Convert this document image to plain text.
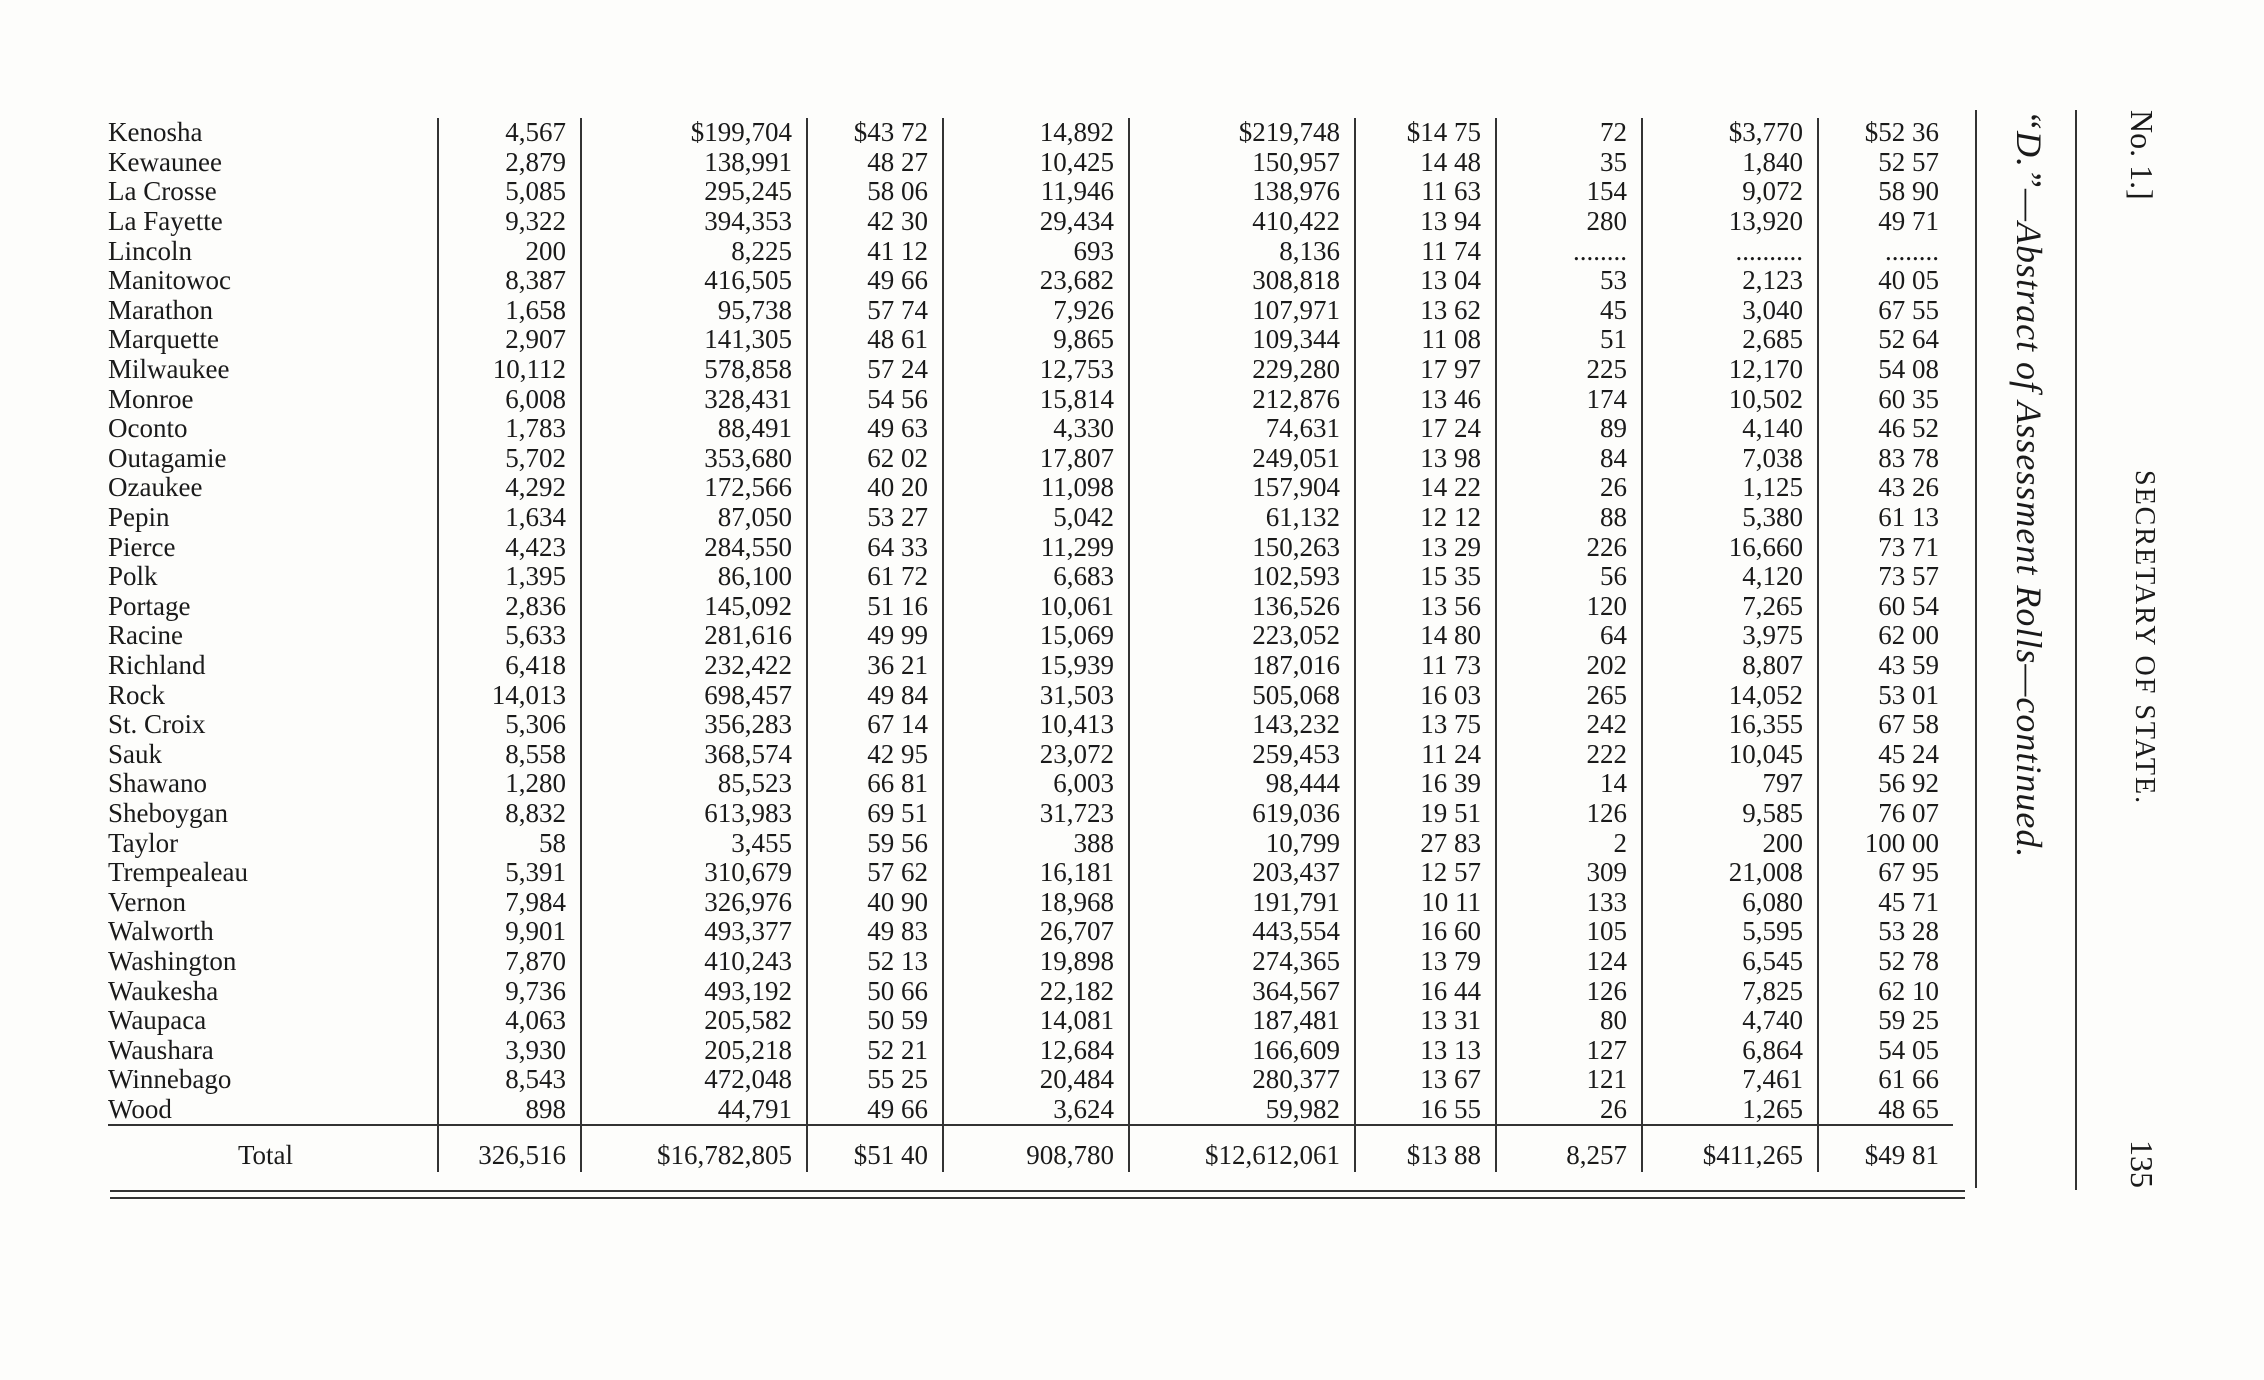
Kenosha	4,567	$199,704	$43 72	14,892	$219,748	$14 75	72	$3,770	$52 36
Kewaunee	2,879	138,991	48 27	10,425	150,957	14 48	35	1,840	52 57
La Crosse	5,085	295,245	58 06	11,946	138,976	11 63	154	9,072	58 90
La Fayette	9,322	394,353	42 30	29,434	410,422	13 94	280	13,920	49 71
Lincoln	200	8,225	41 12	693	8,136	11 74	........	..........	........
Manitowoc	8,387	416,505	49 66	23,682	308,818	13 04	53	2,123	40 05
Marathon	1,658	95,738	57 74	7,926	107,971	13 62	45	3,040	67 55
Marquette	2,907	141,305	48 61	9,865	109,344	11 08	51	2,685	52 64
Milwaukee	10,112	578,858	57 24	12,753	229,280	17 97	225	12,170	54 08
Monroe	6,008	328,431	54 56	15,814	212,876	13 46	174	10,502	60 35
Oconto	1,783	88,491	49 63	4,330	74,631	17 24	89	4,140	46 52
Outagamie	5,702	353,680	62 02	17,807	249,051	13 98	84	7,038	83 78
Ozaukee	4,292	172,566	40 20	11,098	157,904	14 22	26	1,125	43 26
Pepin	1,634	87,050	53 27	5,042	61,132	12 12	88	5,380	61 13
Pierce	4,423	284,550	64 33	11,299	150,263	13 29	226	16,660	73 71
Polk	1,395	86,100	61 72	6,683	102,593	15 35	56	4,120	73 57
Portage	2,836	145,092	51 16	10,061	136,526	13 56	120	7,265	60 54
Racine	5,633	281,616	49 99	15,069	223,052	14 80	64	3,975	62 00
Richland	6,418	232,422	36 21	15,939	187,016	11 73	202	8,807	43 59
Rock	14,013	698,457	49 84	31,503	505,068	16 03	265	14,052	53 01
St. Croix	5,306	356,283	67 14	10,413	143,232	13 75	242	16,355	67 58
Sauk	8,558	368,574	42 95	23,072	259,453	11 24	222	10,045	45 24
Shawano	1,280	85,523	66 81	6,003	98,444	16 39	14	797	56 92
Sheboygan	8,832	613,983	69 51	31,723	619,036	19 51	126	9,585	76 07
Taylor	58	3,455	59 56	388	10,799	27 83	2	200	100 00
Trempealeau	5,391	310,679	57 62	16,181	203,437	12 57	309	21,008	67 95
Vernon	7,984	326,976	40 90	18,968	191,791	10 11	133	6,080	45 71
Walworth	9,901	493,377	49 83	26,707	443,554	16 60	105	5,595	53 28
Washington	7,870	410,243	52 13	19,898	274,365	13 79	124	6,545	52 78
Waukesha	9,736	493,192	50 66	22,182	364,567	16 44	126	7,825	62 10
Waupaca	4,063	205,582	50 59	14,081	187,481	13 31	80	4,740	59 25
Waushara	3,930	205,218	52 21	12,684	166,609	13 13	127	6,864	54 05
Winnebago	8,543	472,048	55 25	20,484	280,377	13 67	121	7,461	61 66
Wood	898	44,791	49 66	3,624	59,982	16 55	26	1,265	48 65
Total	326,516	$16,782,805	$51 40	908,780	$12,612,061	$13 88	8,257	$411,265	$49 81
“D.”—Abstract of Assessment Rolls—continued. No. 1.]
SECRETARY OF STATE.
135
